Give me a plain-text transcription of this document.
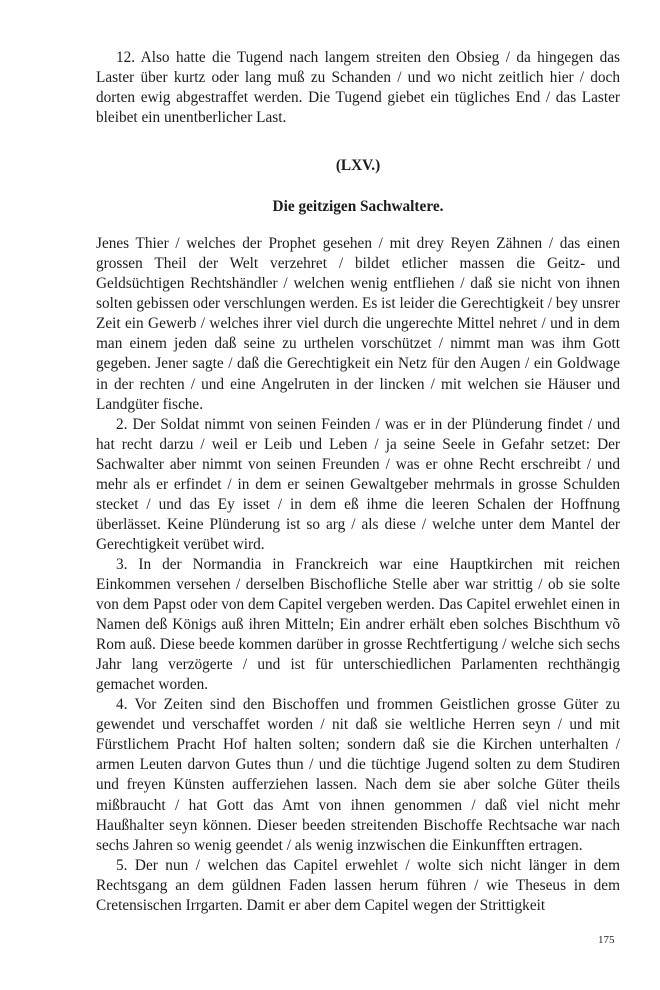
12. Also hatte die Tugend nach langem streiten den Obsieg / da hingegen das Laster über kurtz oder lang muß zu Schanden / und wo nicht zeitlich hier / doch dorten ewig abgestraffet werden. Die Tugend giebet ein tügliches End / das Laster bleibet ein unentberlicher Last.

(LXV.)
Die geitzigen Sachwaltere.

Jenes Thier / welches der Prophet gesehen / mit drey Reyen Zähnen / das einen grossen Theil der Welt verzehret / bildet etlicher massen die Geitz- und Geldsüchtigen Rechtshändler / welchen wenig entfliehen / daß sie nicht von ihnen solten gebissen oder verschlungen werden. Es ist leider die Gerechtigkeit / bey unsrer Zeit ein Gewerb / welches ihrer viel durch die ungerechte Mittel nehret / und in dem man einem jeden daß seine zu urthelen vorschützet / nimmt man was ihm Gott gegeben. Jener sagte / daß die Gerechtigkeit ein Netz für den Augen / ein Goldwage in der rechten / und eine Angelruten in der lincken / mit welchen sie Häuser und Landgüter fische.

2. Der Soldat nimmt von seinen Feinden / was er in der Plünderung findet / und hat recht darzu / weil er Leib und Leben / ja seine Seele in Gefahr setzet: Der Sachwalter aber nimmt von seinen Freunden / was er ohne Recht erschreibt / und mehr als er erfindet / in dem er seinen Gewaltgeber mehrmals in grosse Schulden stecket / und das Ey isset / in dem eß ihme die leeren Schalen der Hoffnung überlässet. Keine Plünderung ist so arg / als diese / welche unter dem Mantel der Gerechtigkeit verübet wird.

3. In der Normandia in Franckreich war eine Hauptkirchen mit reichen Einkommen versehen / derselben Bischofliche Stelle aber war strittig / ob sie solte von dem Papst oder von dem Capitel vergeben werden. Das Capitel erwehlet einen in Namen deß Königs auß ihren Mitteln; Ein andrer erhält eben solches Bischthum võ Rom auß. Diese beede kommen darüber in grosse Rechtfertigung / welche sich sechs Jahr lang verzögerte / und ist für unterschiedlichen Parlamenten rechthängig gemachet worden.

4. Vor Zeiten sind den Bischoffen und frommen Geistlichen grosse Güter zu gewendet und verschaffet worden / nit daß sie weltliche Herren seyn / und mit Fürstlichem Pracht Hof halten solten; sondern daß sie die Kirchen unterhalten / armen Leuten darvon Gutes thun / und die tüchtige Jugend solten zu dem Studiren und freyen Künsten aufferziehen lassen. Nach dem sie aber solche Güter theils mißbraucht / hat Gott das Amt von ihnen genommen / daß viel nicht mehr Haußhalter seyn können. Dieser beeden streitenden Bischoffe Rechtsache war nach sechs Jahren so wenig geendet / als wenig inzwischen die Einkunfften ertragen.

5. Der nun / welchen das Capitel erwehlet / wolte sich nicht länger in dem Rechtsgang an dem güldnen Faden lassen herum führen / wie Theseus in dem Cretensischen Irrgarten. Damit er aber dem Capitel wegen der Strittigkeit

175
